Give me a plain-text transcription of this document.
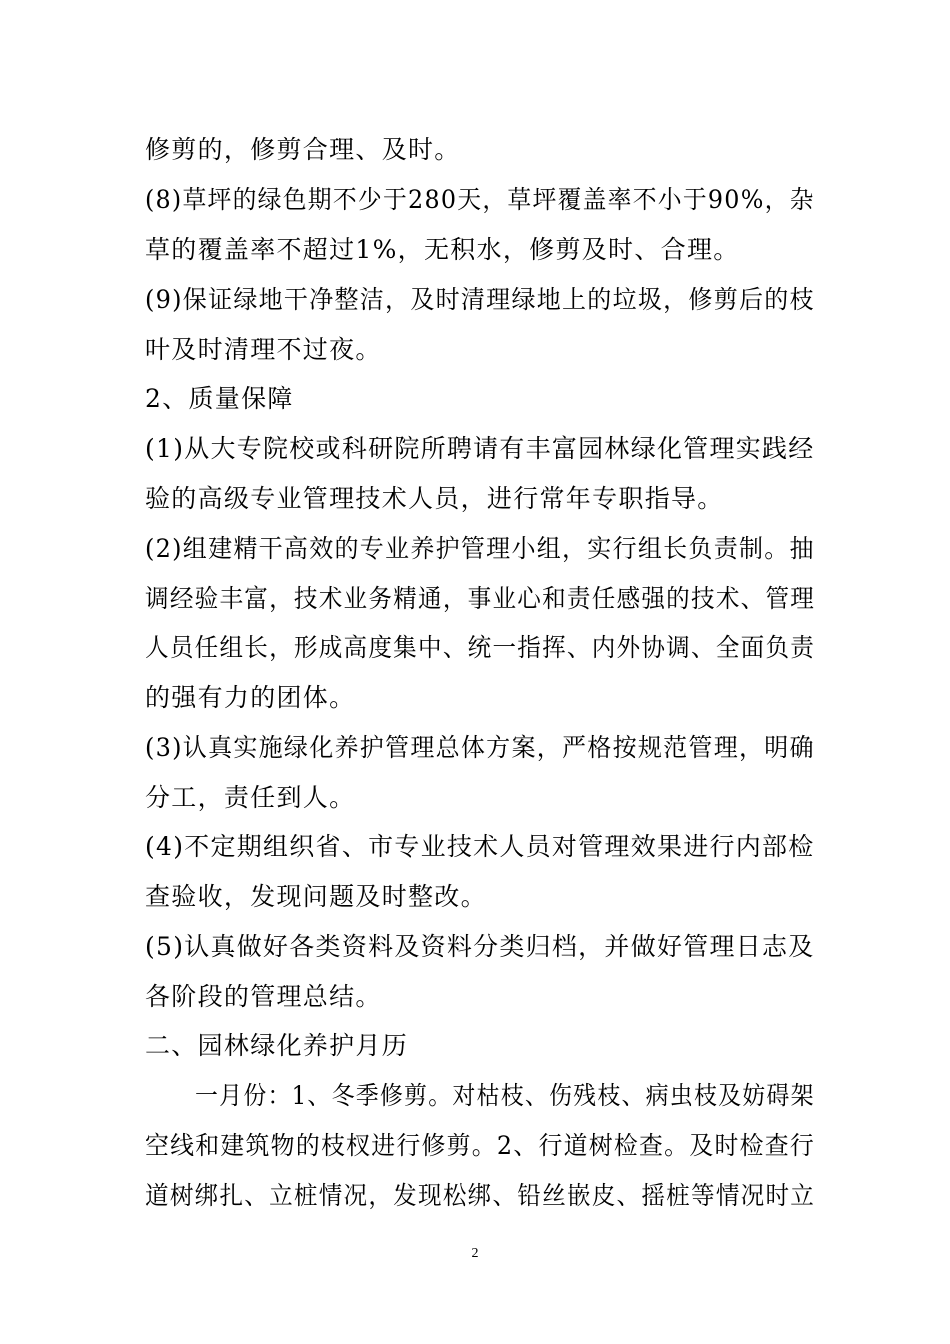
修剪的，修剪合理、及时。
(8)草坪的绿色期不少于280天，草坪覆盖率不小于90%，杂
草的覆盖率不超过1%，无积水，修剪及时、合理。
(9)保证绿地干净整洁，及时清理绿地上的垃圾，修剪后的枝
叶及时清理不过夜。
2、质量保障
(1)从大专院校或科研院所聘请有丰富园林绿化管理实践经
验的高级专业管理技术人员，进行常年专职指导。
(2)组建精干高效的专业养护管理小组，实行组长负责制。抽
调经验丰富，技术业务精通，事业心和责任感强的技术、管理
人员任组长，形成高度集中、统一指挥、内外协调、全面负责
的强有力的团体。
(3)认真实施绿化养护管理总体方案，严格按规范管理，明确
分工，责任到人。
(4)不定期组织省、市专业技术人员对管理效果进行内部检
查验收，发现问题及时整改。
(5)认真做好各类资料及资料分类归档，并做好管理日志及
各阶段的管理总结。
二、园林绿化养护月历
一月份：1、冬季修剪。对枯枝、伤残枝、病虫枝及妨碍架
空线和建筑物的枝杈进行修剪。2、行道树检查。及时检查行
道树绑扎、立桩情况，发现松绑、铅丝嵌皮、摇桩等情况时立
2
